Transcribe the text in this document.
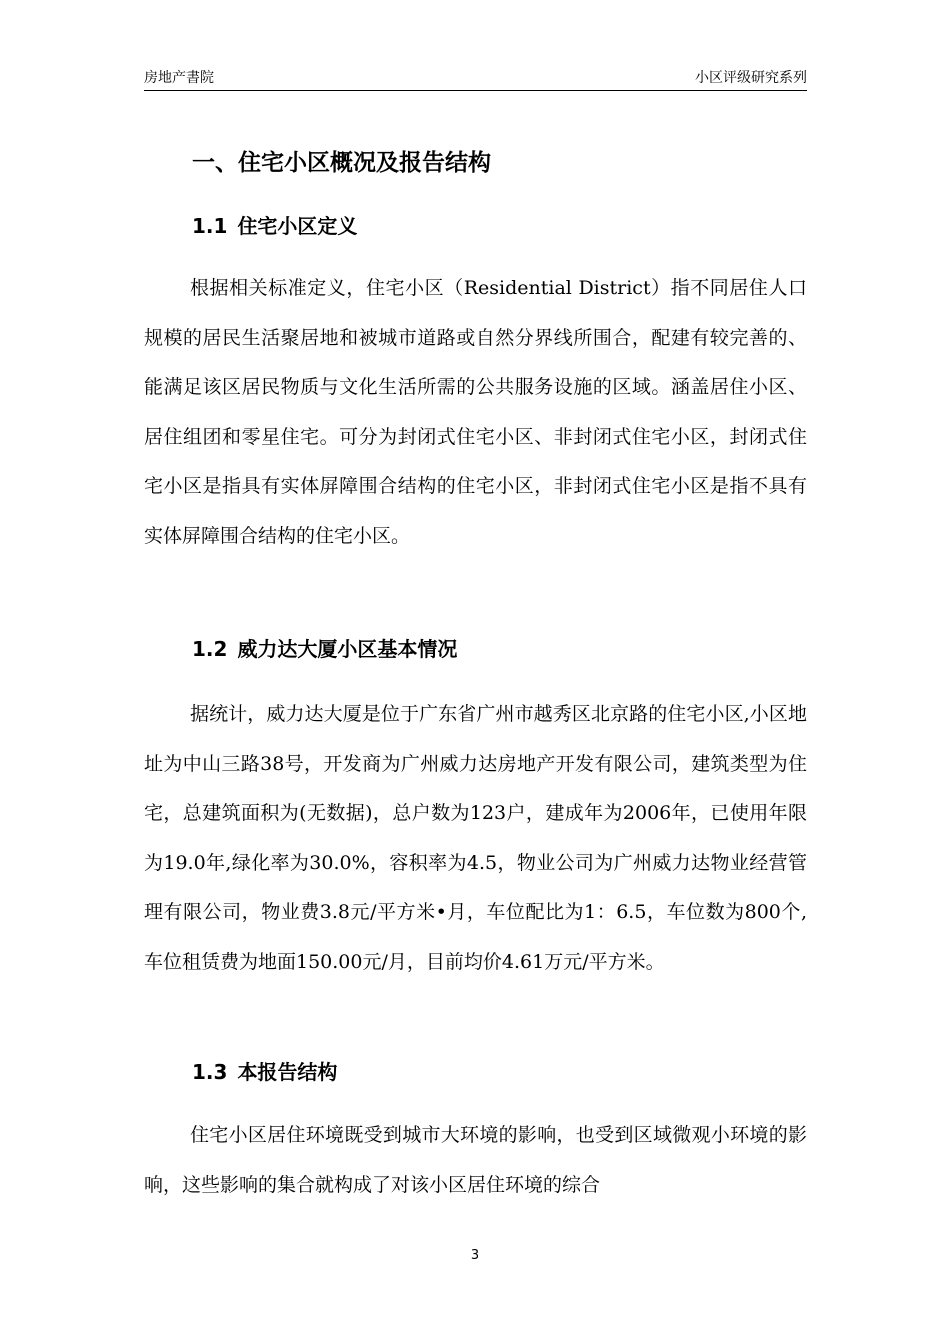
房地产書院	小区评级研究系列
一、住宅小区概况及报告结构
1.1 住宅小区定义

根据相关标准定义，住宅小区（Residential District）指不同居住人口规模的居民生活聚居地和被城市道路或自然分界线所围合，配建有较完善的、能满足该区居民物质与文化生活所需的公共服务设施的区域。涵盖居住小区、居住组团和零星住宅。可分为封闭式住宅小区、非封闭式住宅小区，封闭式住宅小区是指具有实体屏障围合结构的住宅小区，非封闭式住宅小区是指不具有实体屏障围合结构的住宅小区。

1.2 威力达大厦小区基本情况

据统计，威力达大厦是位于广东省广州市越秀区北京路的住宅小区,小区地址为中山三路38号，开发商为广州威力达房地产开发有限公司，建筑类型为住宅，总建筑面积为(无数据)，总户数为123户，建成年为2006年，已使用年限为19.0年,绿化率为30.0%，容积率为4.5，物业公司为广州威力达物业经营管理有限公司，物业费3.8元/平方米•月，车位配比为1：6.5，车位数为800个,车位租赁费为地面150.00元/月，目前均价4.61万元/平方米。

1.3 本报告结构

住宅小区居住环境既受到城市大环境的影响，也受到区域微观小环境的影响，这些影响的集合就构成了对该小区居住环境的综合

3
